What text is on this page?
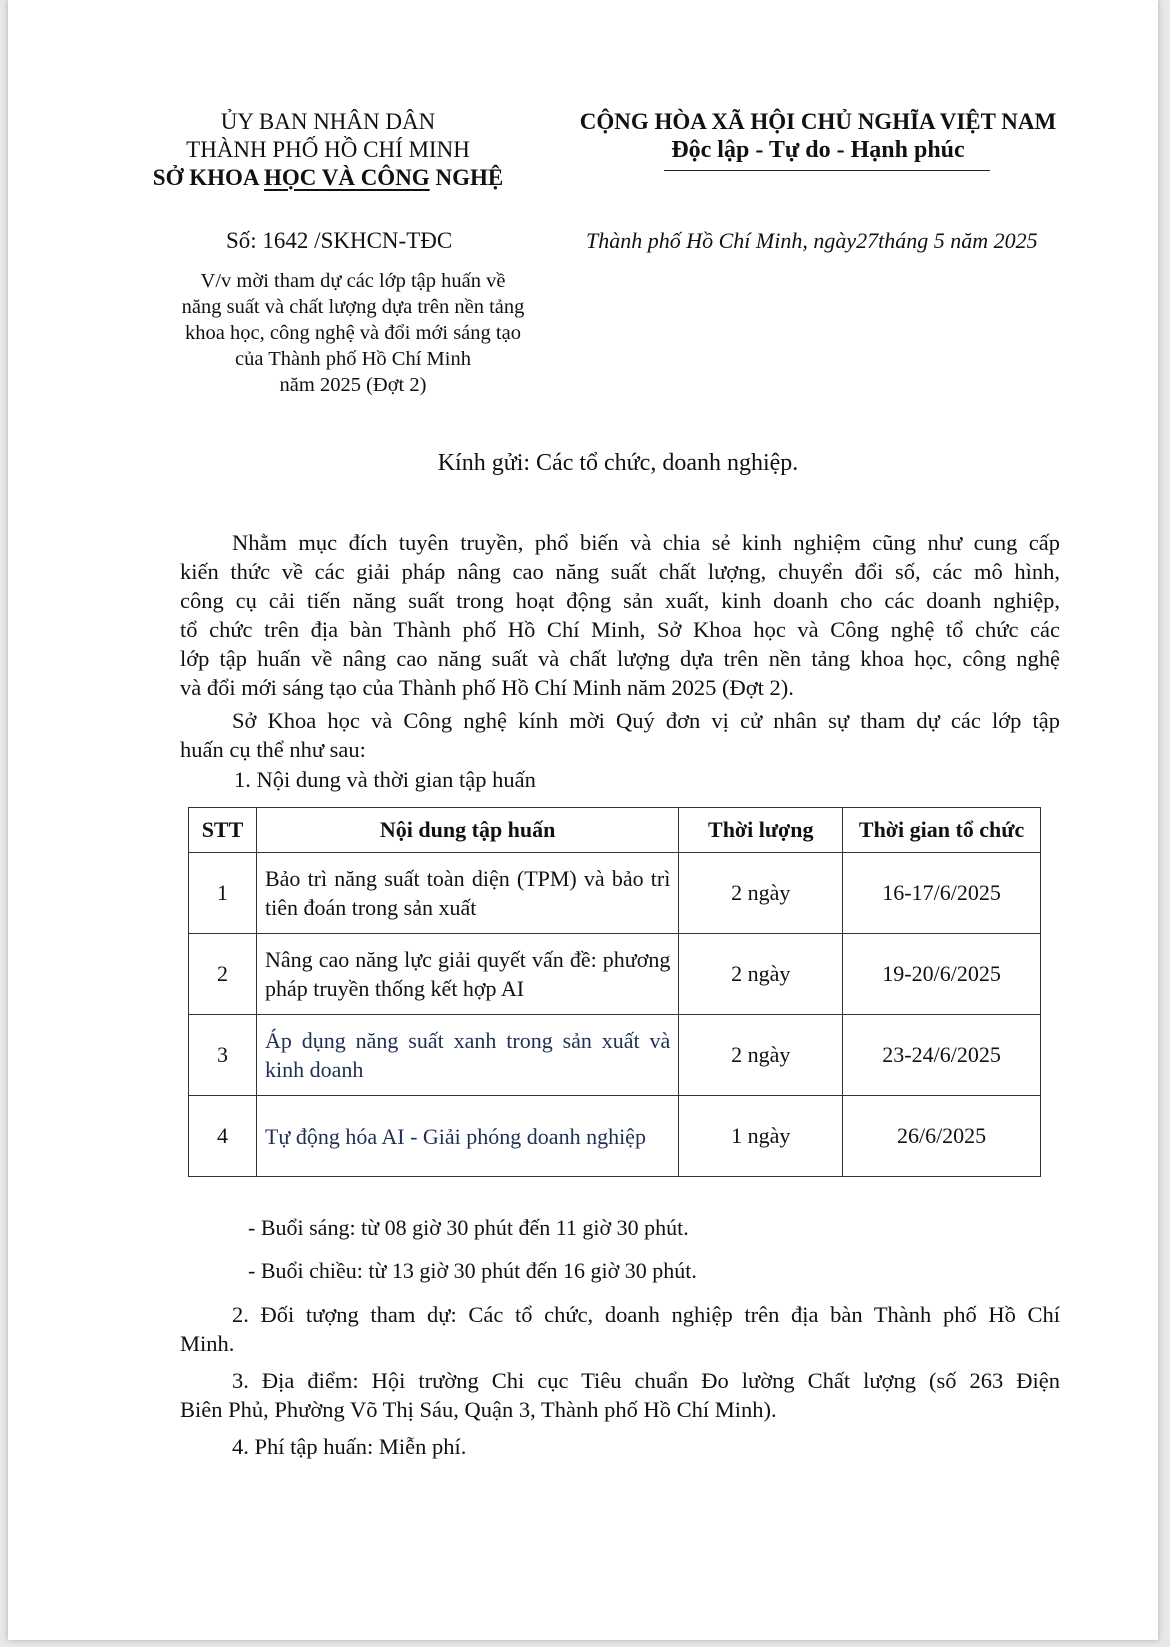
ỦY BAN NHÂN DÂN
THÀNH PHỐ HỒ CHÍ MINH
SỞ KHOA HỌC VÀ CÔNG NGHỆ
CỘNG HÒA XÃ HỘI CHỦ NGHĨA VIỆT NAM
Độc lập - Tự do - Hạnh phúc
Số: 1642 /SKHCN-TĐC	Thành phố Hồ Chí Minh, ngày27tháng 5 năm 2025
V/v mời tham dự các lớp tập huấn về
năng suất và chất lượng dựa trên nền tảng
khoa học, công nghệ và đổi mới sáng tạo
của Thành phố Hồ Chí Minh
năm 2025 (Đợt 2)
Kính gửi: Các tổ chức, doanh nghiệp.
Nhằm mục đích tuyên truyền, phổ biến và chia sẻ kinh nghiệm cũng như cung cấp
kiến thức về các giải pháp nâng cao năng suất chất lượng, chuyển đổi số, các mô hình,
công cụ cải tiến năng suất trong hoạt động sản xuất, kinh doanh cho các doanh nghiệp,
tổ chức trên địa bàn Thành phố Hồ Chí Minh, Sở Khoa học và Công nghệ tổ chức các
lớp tập huấn về nâng cao năng suất và chất lượng dựa trên nền tảng khoa học, công nghệ
và đổi mới sáng tạo của Thành phố Hồ Chí Minh năm 2025 (Đợt 2).
Sở Khoa học và Công nghệ kính mời Quý đơn vị cử nhân sự tham dự các lớp tập
huấn cụ thể như sau:
1. Nội dung và thời gian tập huấn
STT	Nội dung tập huấn	Thời lượng	Thời gian tổ chức
1	Bảo trì năng suất toàn diện (TPM) và bảo trì tiên đoán trong sản xuất	2 ngày	16-17/6/2025
2	Nâng cao năng lực giải quyết vấn đề: phương pháp truyền thống kết hợp AI	2 ngày	19-20/6/2025
3	Áp dụng năng suất xanh trong sản xuất và kinh doanh	2 ngày	23-24/6/2025
4	Tự động hóa AI - Giải phóng doanh nghiệp	1 ngày	26/6/2025
- Buổi sáng: từ 08 giờ 30 phút đến 11 giờ 30 phút.
- Buổi chiều: từ 13 giờ 30 phút đến 16 giờ 30 phút.
2. Đối tượng tham dự: Các tổ chức, doanh nghiệp trên địa bàn Thành phố Hồ Chí
Minh.
3. Địa điểm: Hội trường Chi cục Tiêu chuẩn Đo lường Chất lượng (số 263 Điện
Biên Phủ, Phường Võ Thị Sáu, Quận 3, Thành phố Hồ Chí Minh).
4. Phí tập huấn: Miễn phí.
